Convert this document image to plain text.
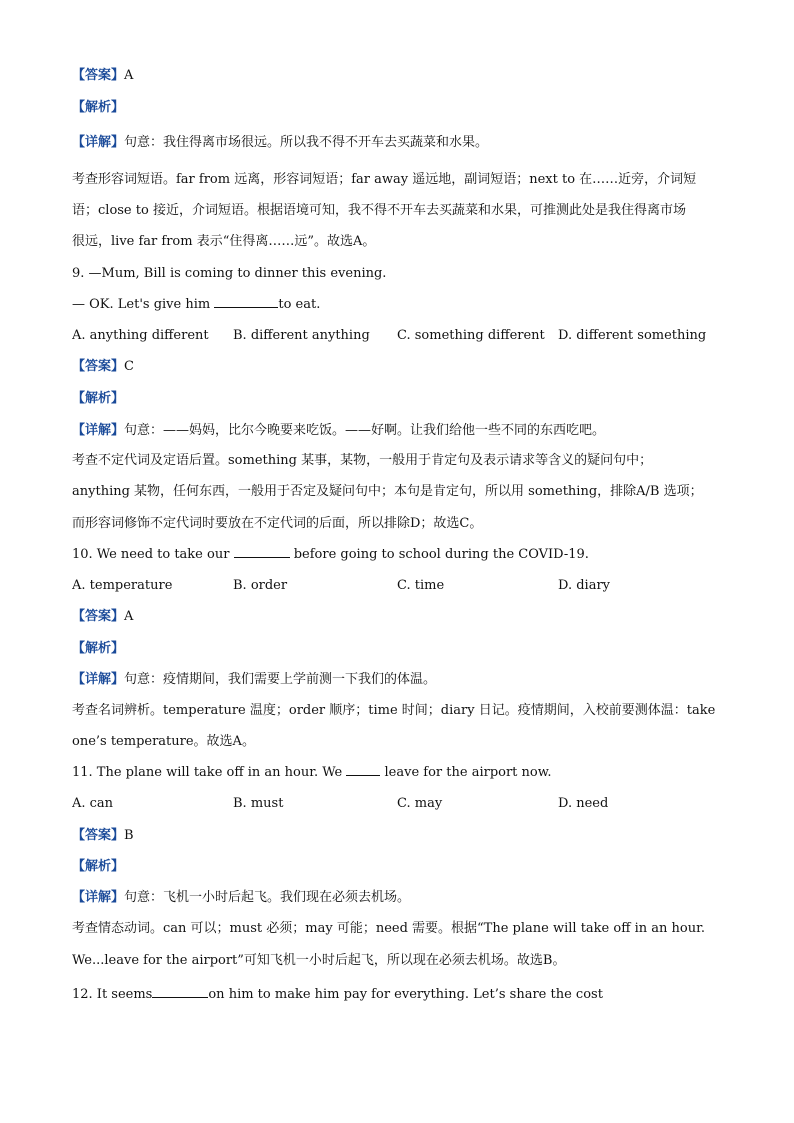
【答案】A
【解析】
【详解】句意：我住得离市场很远。所以我不得不开车去买蔬菜和水果。
考查形容词短语。far from 远离，形容词短语；far away 遥远地，副词短语；next to 在……近旁，介词短
语；close to 接近，介词短语。根据语境可知，我不得不开车去买蔬菜和水果，可推测此处是我住得离市场
很远，live far from 表示“住得离……远”。故选A。
9. —Mum, Bill is coming to dinner this evening.
— OK. Let's give him	to eat.
A. anything different B. different anything C. something different D. different something
【答案】C
【解析】
【详解】句意：——妈妈，比尔今晚要来吃饭。——好啊。让我们给他一些不同的东西吃吧。
考查不定代词及定语后置。something 某事，某物，一般用于肯定句及表示请求等含义的疑问句中；
anything 某物，任何东西，一般用于否定及疑问句中；本句是肯定句，所以用 something，排除A/B 选项；
而形容词修饰不定代词时要放在不定代词的后面，所以排除D；故选C。
10. We need to take our	before going to school during the COVID-19.
A. temperature	B. order	C. time	D. diary
【答案】A
【解析】
【详解】句意：疫情期间，我们需要上学前测一下我们的体温。
考查名词辨析。temperature 温度；order 顺序；time 时间；diary 日记。疫情期间，入校前要测体温：take
one’s temperature。故选A。
11. The plane will take off in an hour. We	leave for the airport now.
A. can	B. must	C. may	D. need
【答案】B
【解析】
【详解】句意：飞机一小时后起飞。我们现在必须去机场。
考查情态动词。can 可以；must 必须；may 可能；need 需要。根据“The plane will take off in an hour.
We...leave for the airport”可知飞机一小时后起飞，所以现在必须去机场。故选B。
12. It seems	on him to make him pay for everything. Let’s share the cost
